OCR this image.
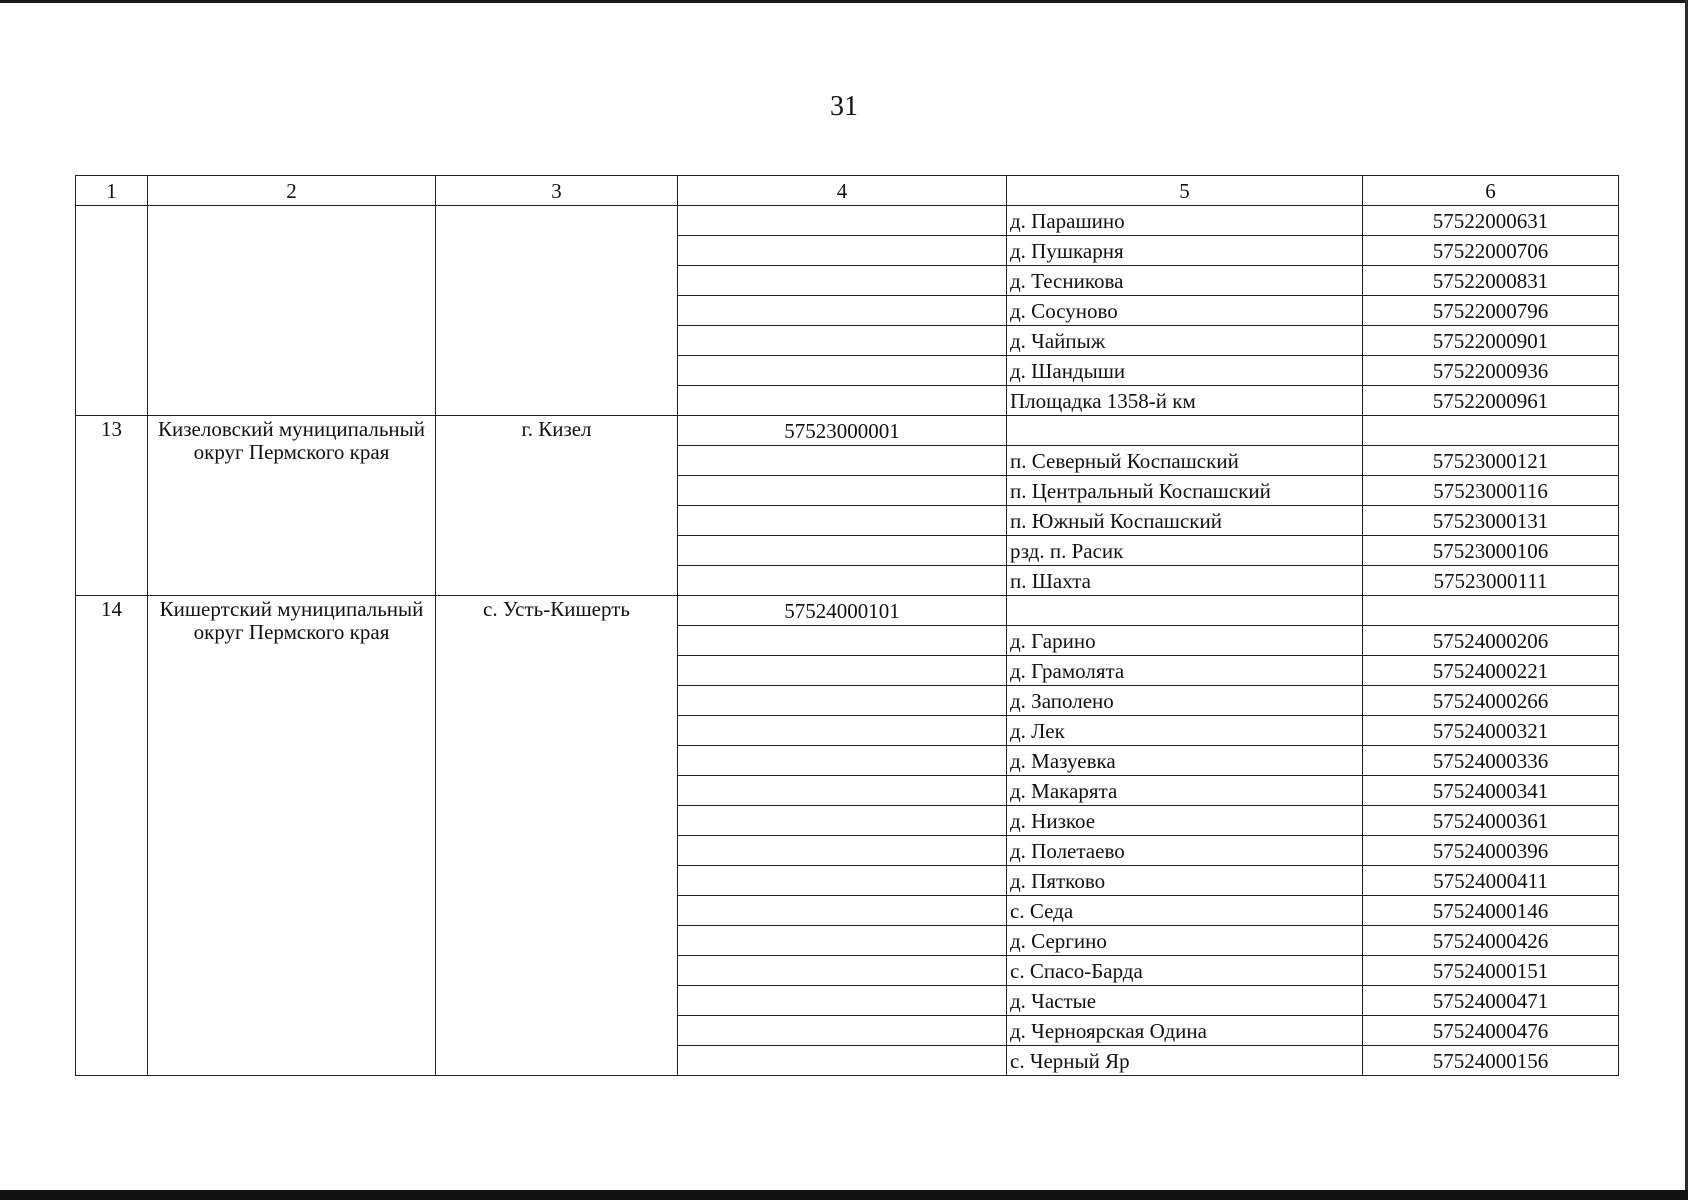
31
1	2	3	4	5	6
				д. Парашино	57522000631
				д. Пушкарня	57522000706
				д. Тесникова	57522000831
				д. Сосуново	57522000796
				д. Чайпыж	57522000901
				д. Шандыши	57522000936
				Площадка 1358-й км	57522000961
13	Кизеловский муниципальный округ Пермского края	г. Кизел	57523000001		
				п. Северный Коспашский	57523000121
				п. Центральный Коспашский	57523000116
				п. Южный Коспашский	57523000131
				рзд. п. Расик	57523000106
				п. Шахта	57523000111
14	Кишертский муниципальный округ Пермского края	с. Усть-Кишерть	57524000101		
				д. Гарино	57524000206
				д. Грамолята	57524000221
				д. Заполено	57524000266
				д. Лек	57524000321
				д. Мазуевка	57524000336
				д. Макарята	57524000341
				д. Низкое	57524000361
				д. Полетаево	57524000396
				д. Пятково	57524000411
				с. Седа	57524000146
				д. Сергино	57524000426
				с. Спасо-Барда	57524000151
				д. Частые	57524000471
				д. Черноярская Одина	57524000476
				с. Черный Яр	57524000156
